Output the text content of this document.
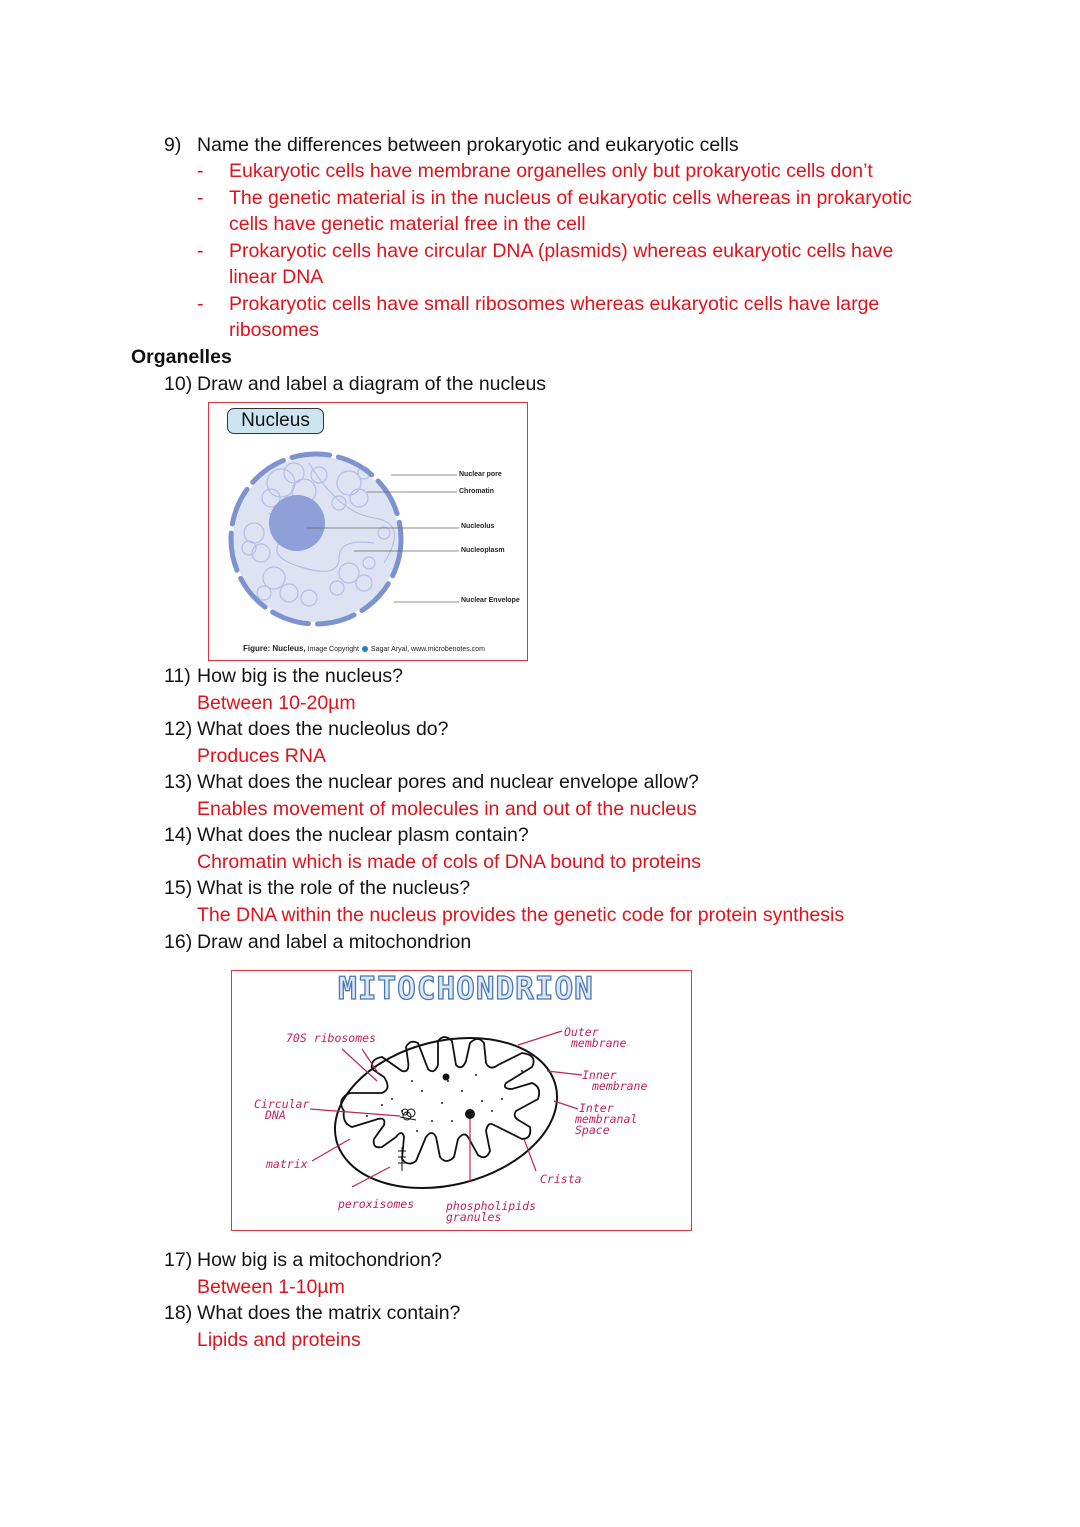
9) Name the differences between prokaryotic and eukaryotic cells
- Eukaryotic cells have membrane organelles only but prokaryotic cells don’t
- The genetic material is in the nucleus of eukaryotic cells whereas in prokaryotic
cells have genetic material free in the cell
- Prokaryotic cells have circular DNA (plasmids) whereas eukaryotic cells have
linear DNA
- Prokaryotic cells have small ribosomes whereas eukaryotic cells have large
ribosomes
Organelles
10) Draw and label a diagram of the nucleus
Nucleus
Nuclear pore
Chromatin
Nucleolus
Nucleoplasm
Nuclear Envelope
Figure: Nucleus, Image Copyright Sagar Aryal, www.microbenotes.com
11) How big is the nucleus?
Between 10-20µm
12) What does the nucleolus do?
Produces RNA
13) What does the nuclear pores and nuclear envelope allow?
Enables movement of molecules in and out of the nucleus
14) What does the nuclear plasm contain?
Chromatin which is made of cols of DNA bound to proteins
15) What is the role of the nucleus?
The DNA within the nucleus provides the genetic code for protein synthesis
16) Draw and label a mitochondrion
MITOCHONDRION
70S ribosomes	Outer
membrane
Inner
membrane
Inter
membranal
Space
Circular
DNA
matrix
Crista
peroxisomes	phospholipids
granules
17) How big is a mitochondrion?
Between 1-10µm
18) What does the matrix contain?
Lipids and proteins
